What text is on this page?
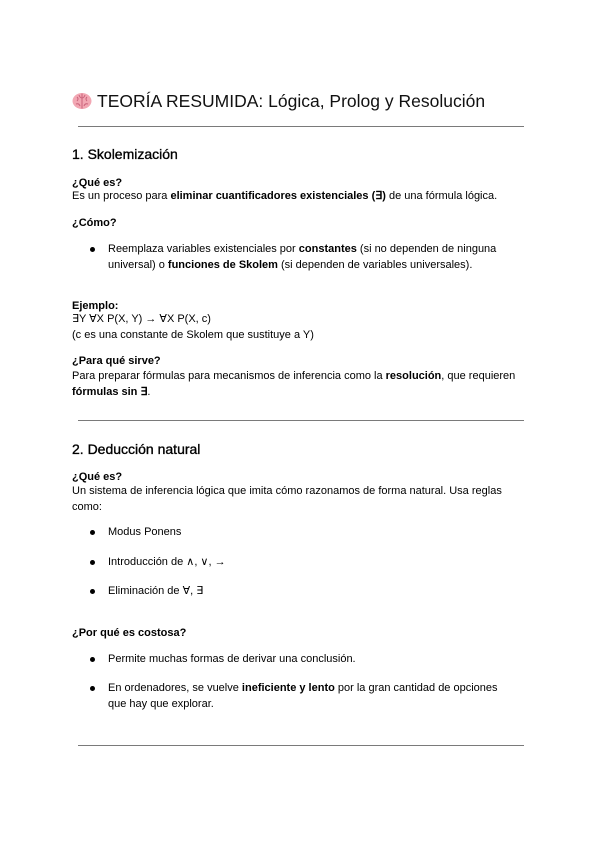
TEORÍA RESUMIDA: Lógica, Prolog y Resolución
1. Skolemización
¿Qué es?
Es un proceso para eliminar cuantificadores existenciales (∃) de una fórmula lógica.
¿Cómo?
Reemplaza variables existenciales por constantes (si no dependen de ninguna universal) o funciones de Skolem (si dependen de variables universales).
Ejemplo:
∃Y ∀X P(X, Y) → ∀X P(X, c)
(c es una constante de Skolem que sustituye a Y)
¿Para qué sirve?
Para preparar fórmulas para mecanismos de inferencia como la resolución, que requieren fórmulas sin ∃.
2. Deducción natural
¿Qué es?
Un sistema de inferencia lógica que imita cómo razonamos de forma natural. Usa reglas como:
Modus Ponens
Introducción de ∧, ∨, →
Eliminación de ∀, ∃
¿Por qué es costosa?
Permite muchas formas de derivar una conclusión.
En ordenadores, se vuelve ineficiente y lento por la gran cantidad de opciones que hay que explorar.
